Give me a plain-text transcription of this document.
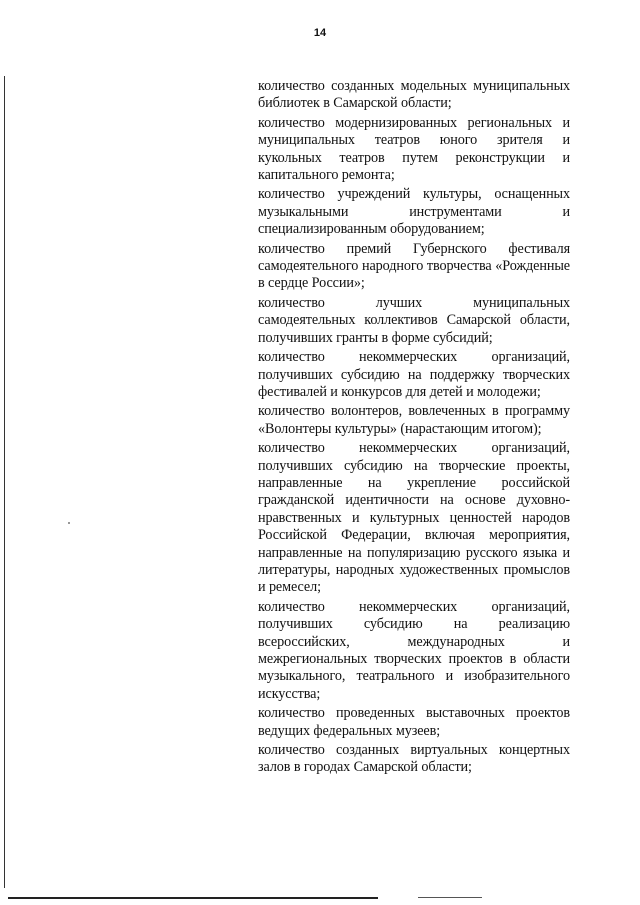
14

количество созданных модельных муниципальных библиотек в Самарской области;

количество модернизированных региональных и муниципальных театров юного зрителя и кукольных театров путем реконструкции и капитального ремонта;

количество учреждений культуры, оснащенных музыкальными инструментами и специализированным оборудованием;

количество премий Губернского фестиваля самодеятельного народного творчества «Рожденные в сердце России»;

количество лучших муниципальных самодеятельных коллективов Самарской области, получивших гранты в форме субсидий;

количество некоммерческих организаций, получивших субсидию на поддержку творческих фестивалей и конкурсов для детей и молодежи;

количество волонтеров, вовлеченных в программу «Волонтеры культуры» (нарастающим итогом);

количество некоммерческих организаций, получивших субсидию на творческие проекты, направленные на укрепление российской гражданской идентичности на основе духовно-нравственных и культурных ценностей народов Российской Федерации, включая мероприятия, направленные на популяризацию русского языка и литературы, народных художественных промыслов и ремесел;

количество некоммерческих организаций, получивших субсидию на реализацию всероссийских, международных и межрегиональных творческих проектов в области музыкального, театрального и изобразительного искусства;

количество проведенных выставочных проектов ведущих федеральных музеев;

количество созданных виртуальных концертных залов в городах Самарской области;
